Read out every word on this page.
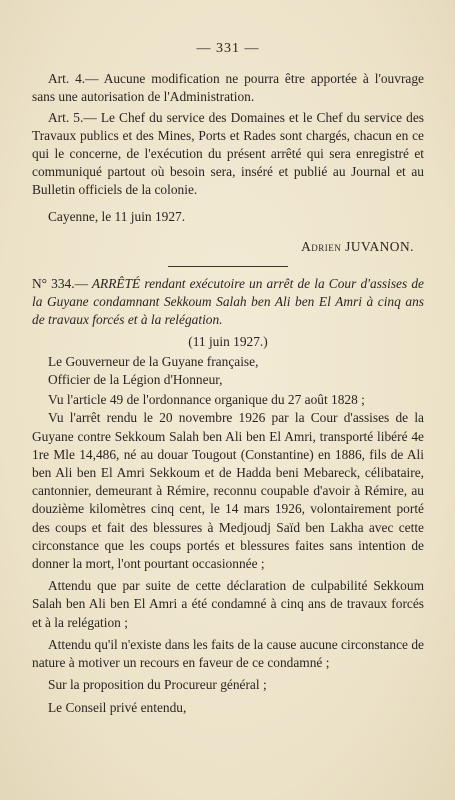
— 331 —

Art. 4.— Aucune modification ne pourra être apportée à l'ouvrage sans une autorisation de l'Administration.

Art. 5.— Le Chef du service des Domaines et le Chef du service des Travaux publics et des Mines, Ports et Rades sont chargés, chacun en ce qui le concerne, de l'exécution du présent arrêté qui sera enregistré et communiqué partout où besoin sera, inséré et publié au Journal et au Bulletin officiels de la colonie.

Cayenne, le 11 juin 1927.

Adrien JUVANON.

N° 334.— ARRÊTÉ rendant exécutoire un arrêt de la Cour d'assises de la Guyane condamnant Sekkoum Salah ben Ali ben El Amri à cinq ans de travaux forcés et à la relégation.

(11 juin 1927.)

Le Gouverneur de la Guyane française,

Officier de la Légion d'Honneur,

Vu l'article 49 de l'ordonnance organique du 27 août 1828 ;

Vu l'arrêt rendu le 20 novembre 1926 par la Cour d'assises de la Guyane contre Sekkoum Salah ben Ali ben El Amri, transporté libéré 4e 1re Mle 14,486, né au douar Tougout (Constantine) en 1886, fils de Ali ben Ali ben El Amri Sekkoum et de Hadda beni Mebareck, célibataire, cantonnier, demeurant à Rémire, reconnu coupable d'avoir à Rémire, au douzième kilomètres cinq cent, le 14 mars 1926, volontairement porté des coups et fait des blessures à Medjoudj Saïd ben Lakha avec cette circonstance que les coups portés et blessures faites sans intention de donner la mort, l'ont pourtant occasionnée ;

Attendu que par suite de cette déclaration de culpabilité Sekkoum Salah ben Ali ben El Amri a été condamné à cinq ans de travaux forcés et à la relégation ;

Attendu qu'il n'existe dans les faits de la cause aucune circonstance de nature à motiver un recours en faveur de ce condamné ;

Sur la proposition du Procureur général ;

Le Conseil privé entendu,
